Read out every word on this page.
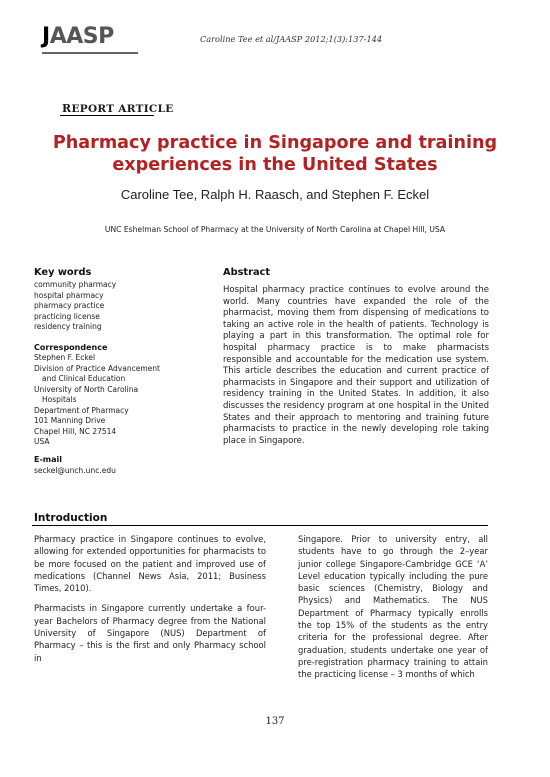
JAASP	Caroline Tee et al/JAASP 2012;1(3):137-144
REPORT ARTICLE
Pharmacy practice in Singapore and training experiences in the United States
Caroline Tee, Ralph H. Raasch, and Stephen F. Eckel
UNC Eshelman School of Pharmacy at the University of North Carolina at Chapel Hill, USA
Key words
community pharmacy
hospital pharmacy
pharmacy practice
practicing license
residency training
Correspondence
Stephen F. Eckel
Division of Practice Advancement
and Clinical Education
University of North Carolina
Hospitals
Department of Pharmacy
101 Manning Drive
Chapel Hill, NC 27514
USA
E-mail
seckel@unch.unc.edu
Abstract
Hospital pharmacy practice continues to evolve around the world. Many countries have expanded the role of the pharmacist, moving them from dispensing of medications to taking an active role in the health of patients. Technology is playing a part in this transformation. The optimal role for hospital pharmacy practice is to make pharmacists responsible and accountable for the medication use system. This article describes the education and current practice of pharmacists in Singapore and their support and utilization of residency training in the United States. In addition, it also discusses the residency program at one hospital in the United States and their approach to mentoring and training future pharmacists to practice in the newly developing role taking place in Singapore.
Introduction

Pharmacy practice in Singapore continues to evolve, allowing for extended opportunities for pharmacists to be more focused on the patient and improved use of medications (Channel News Asia, 2011; Business Times, 2010).

Pharmacists in Singapore currently undertake a four-year Bachelors of Pharmacy degree from the National University of Singapore (NUS) Department of Pharmacy – this is the first and only Pharmacy school in

Singapore. Prior to university entry, all students have to go through the 2–year junior college Singapore-Cambridge GCE ‘A’ Level education typically including the pure basic sciences (Chemistry, Biology and Physics) and Mathematics. The NUS Department of Pharmacy typically enrolls the top 15% of the students as the entry criteria for the professional degree. After graduation, students undertake one year of pre-registration pharmacy training to attain the practicing license – 3 months of which

137
